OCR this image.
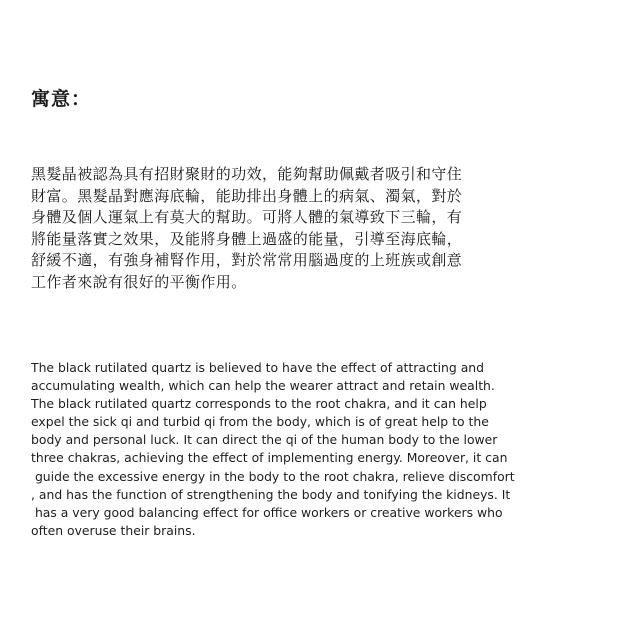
寓意：
黑髮晶被認為具有招財聚財的功效，能夠幫助佩戴者吸引和守住
財富。黑髮晶對應海底輪，能助排出身體上的病氣、濁氣，對於
身體及個人運氣上有莫大的幫助。可將人體的氣導致下三輪，有
將能量落實之效果，及能將身體上過盛的能量，引導至海底輪，
舒緩不適，有強身補腎作用，對於常常用腦過度的上班族或創意
工作者來說有很好的平衡作用。
The black rutilated quartz is believed to have the effect of attracting and
accumulating wealth, which can help the wearer attract and retain wealth.
The black rutilated quartz corresponds to the root chakra, and it can help
expel the sick qi and turbid qi from the body, which is of great help to the
body and personal luck. It can direct the qi of the human body to the lower
three chakras, achieving the effect of implementing energy. Moreover, it can
guide the excessive energy in the body to the root chakra, relieve discomfort
, and has the function of strengthening the body and tonifying the kidneys. It
has a very good balancing effect for office workers or creative workers who
often overuse their brains.
